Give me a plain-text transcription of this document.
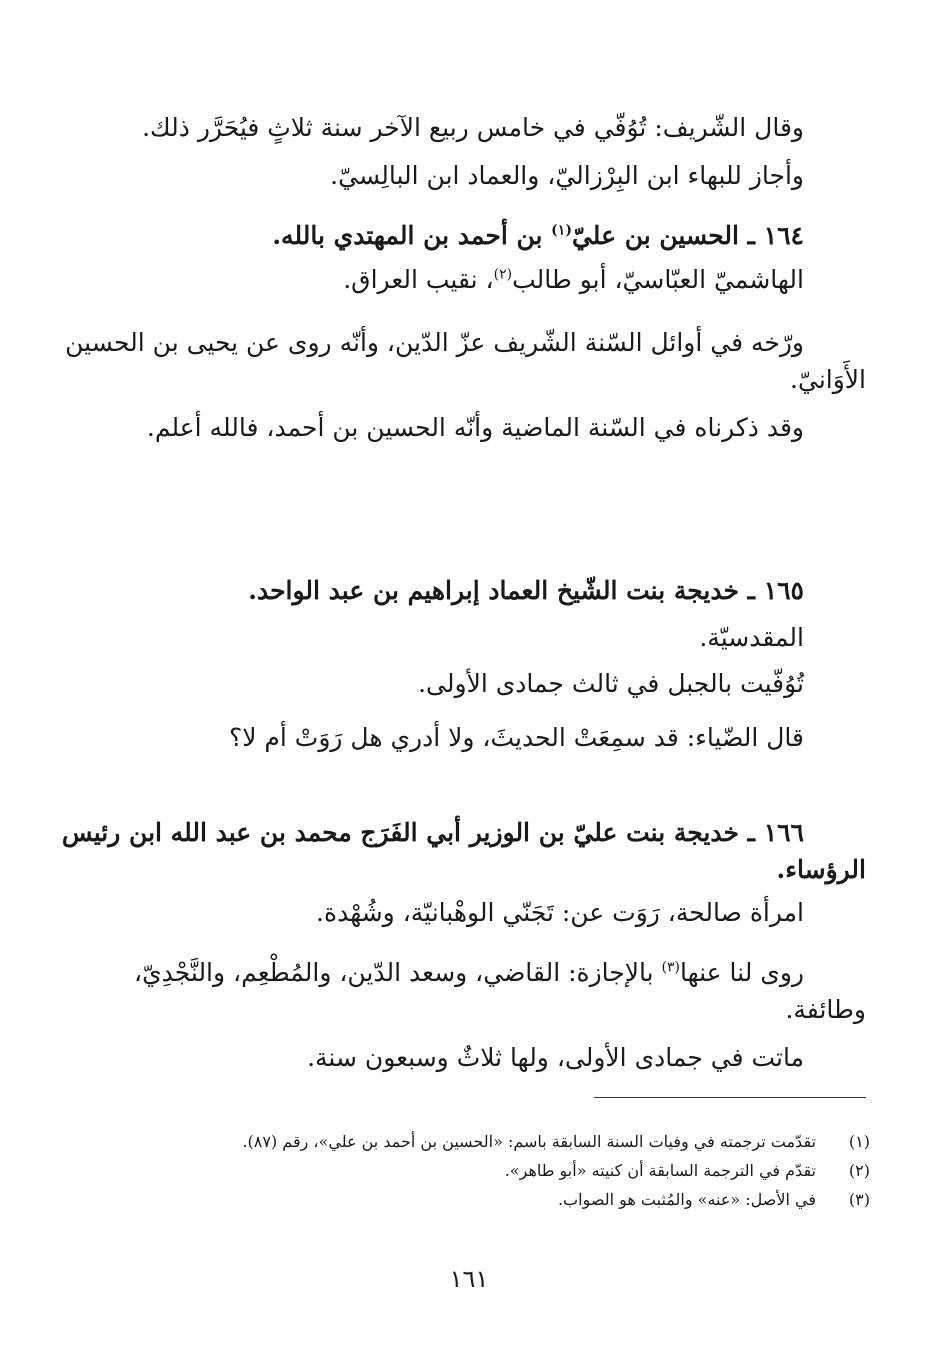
وقال الشّريف: تُوُفّي في خامس ربيع الآخر سنة ثلاثٍ فيُحَرَّر ذلك.
وأجاز للبهاء ابن البِرْزاليّ، والعماد ابن البالِسيّ.
١٦٤ ـ الحسين بن عليّ$^{(١)}$ بن أحمد بن المهتدي بالله.
الهاشميّ العبّاسيّ، أبو طالب$^{(٢)}$، نقيب العراق.
ورّخه في أوائل السّنة الشّريف عزّ الدّين، وأنّه روى عن يحيى بن الحسين
الأَوَانيّ.
وقد ذكرناه في السّنة الماضية وأنّه الحسين بن أحمد، فالله أعلم.
١٦٥ ـ خديجة بنت الشّيخ العماد إبراهيم بن عبد الواحد.
المقدسيّة.
تُوُفّيت بالجبل في ثالث جمادى الأولى.
قال الضّياء: قد سمِعَتْ الحديثَ، ولا أدري هل رَوَتْ أم لا؟
١٦٦ ـ خديجة بنت عليّ بن الوزير أبي الفَرَج محمد بن عبد الله ابن رئيس
الرؤساء.
امرأة صالحة، رَوَت عن: تَجَنّي الوهْبانيّة، وشُهْدة.
روى لنا عنها$^{(٣)}$ بالإجازة: القاضي، وسعد الدّين، والمُطْعِم، والنَّجْدِيّ،
وطائفة.
ماتت في جمادى الأولى، ولها ثلاثٌ وسبعون سنة.
(١)تقدّمت ترجمته في وفيات السنة السابقة باسم: «الحسين بن أحمد بن علي»، رقم (٨٧).
(٢)تقدّم في الترجمة السابقة أن كنيته «أبو طاهر».
(٣)في الأصل: «عنه» والمُثبت هو الصواب.
١٦١
